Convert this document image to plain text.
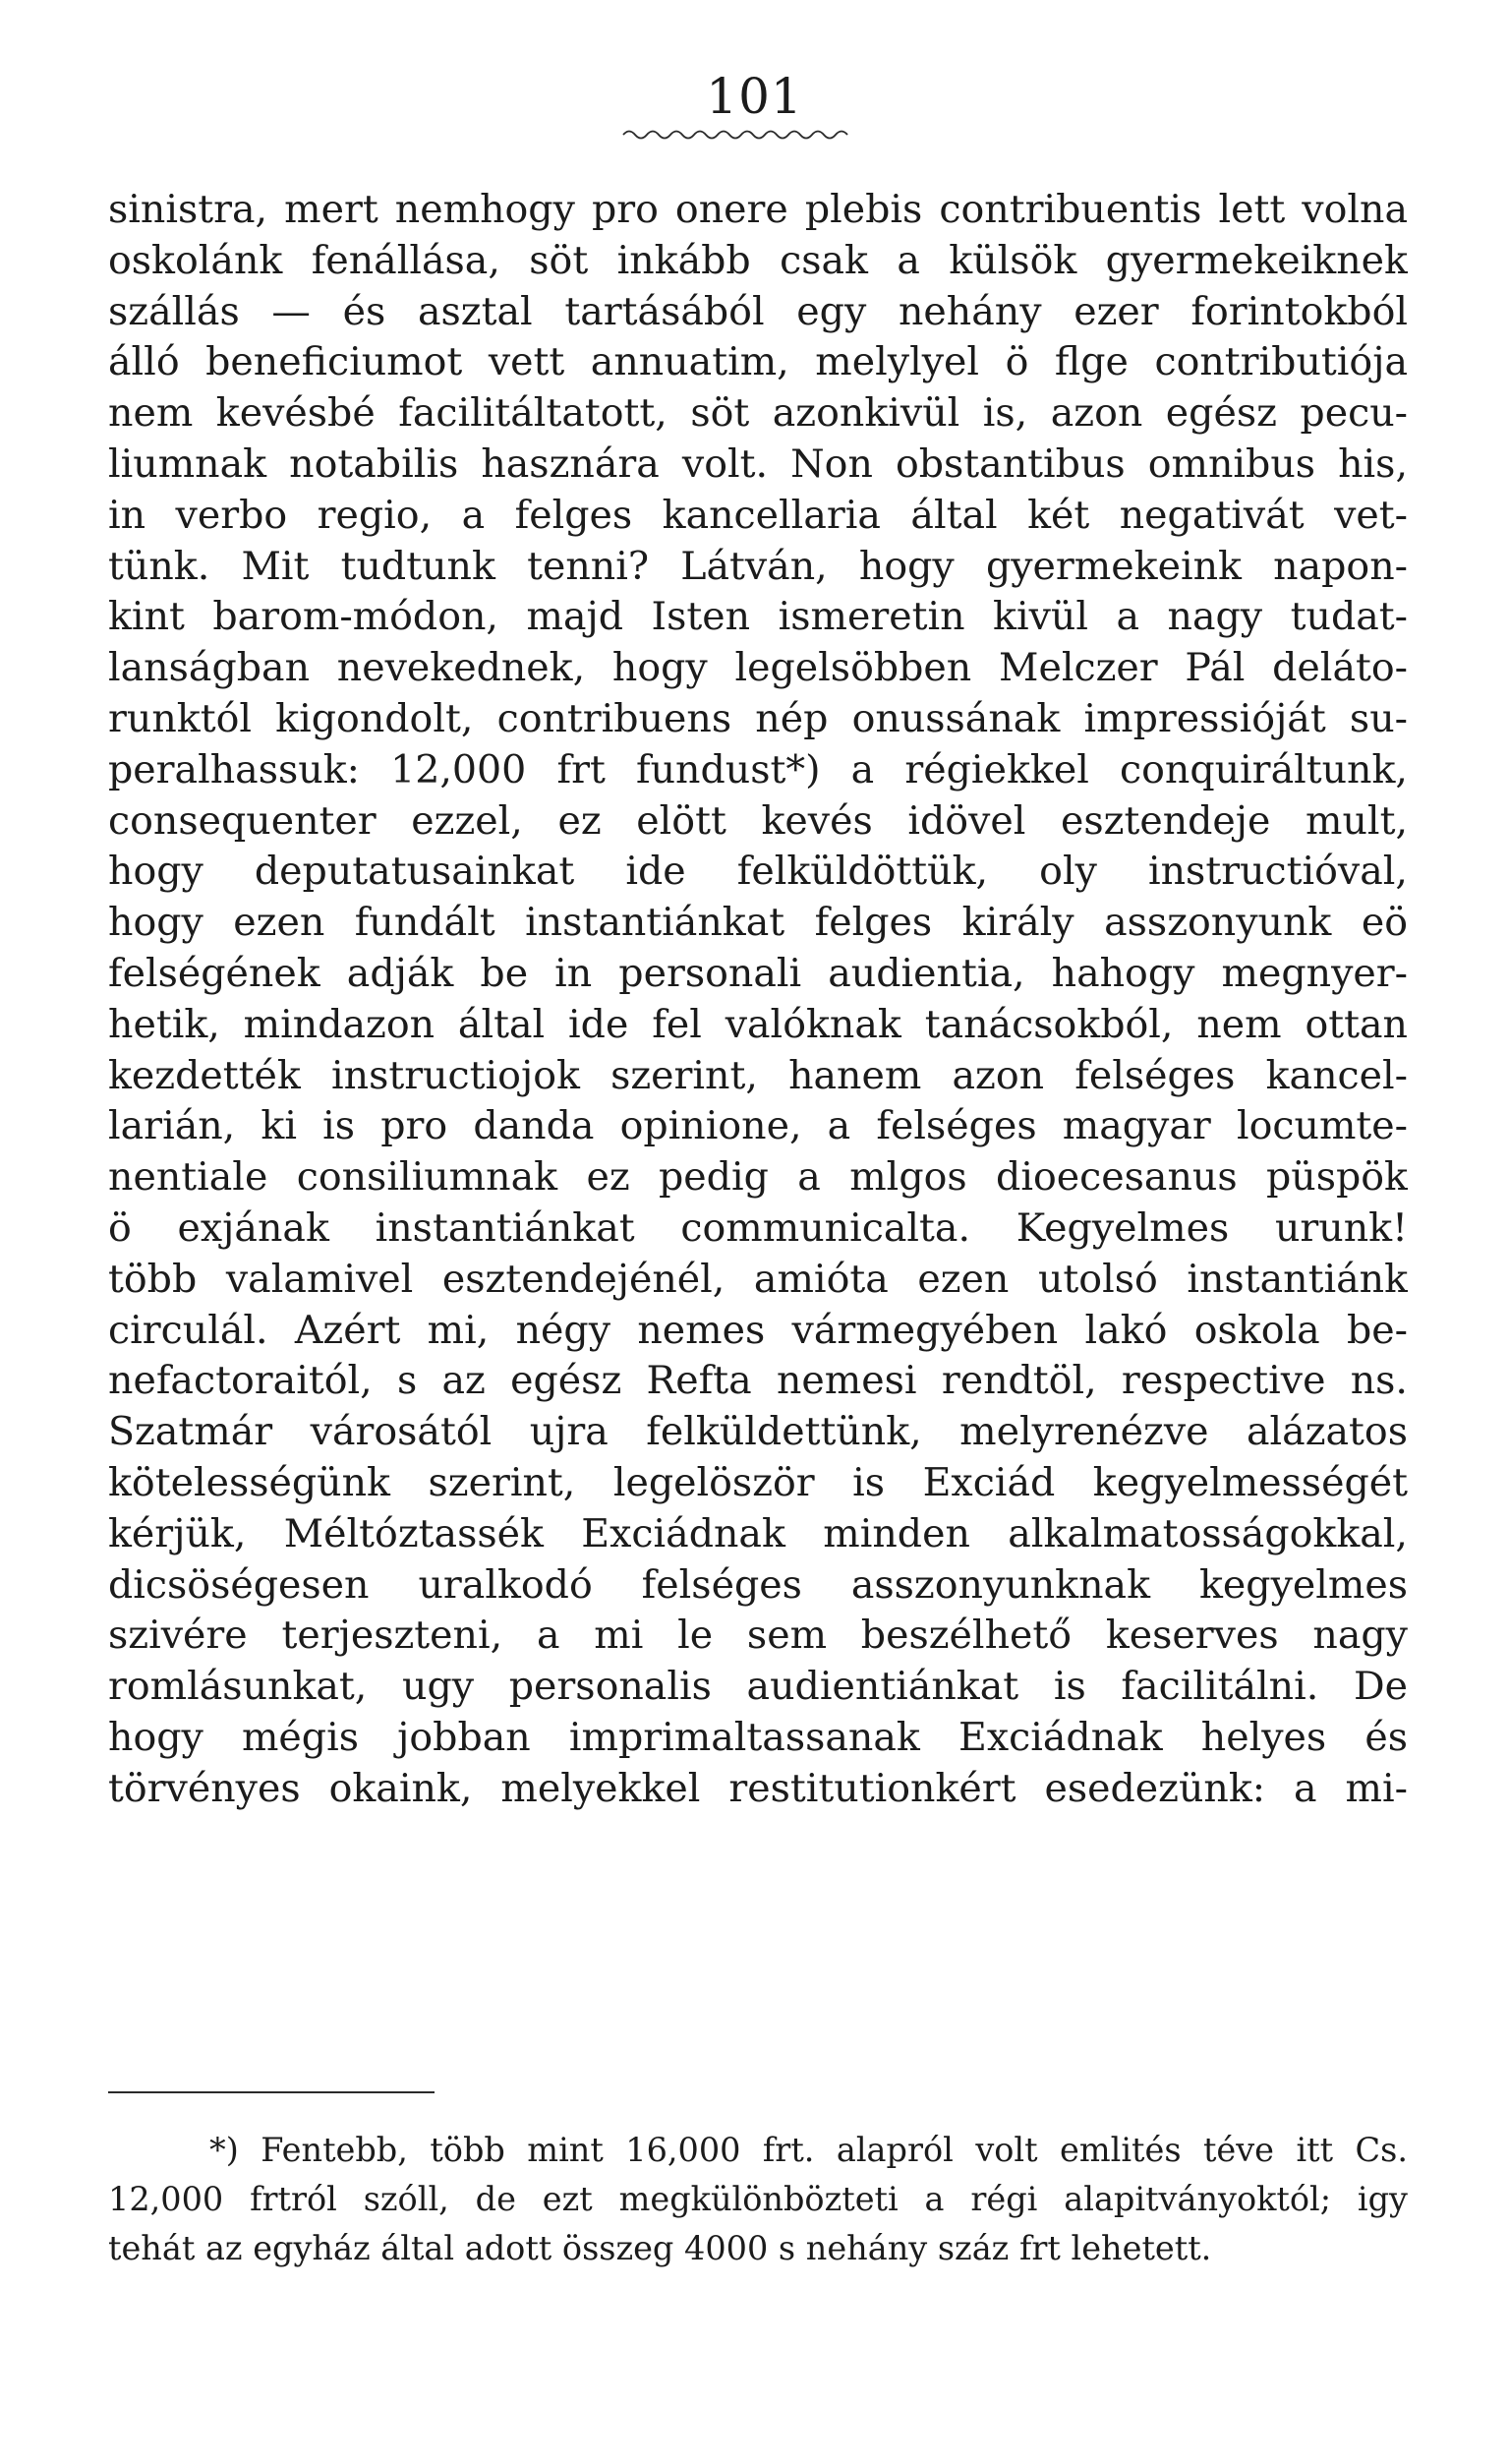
101
sinistra, mert nemhogy pro onere plebis contribuentis lett volna
oskolánk fenállása, söt inkább csak a külsök gyermekeiknek
szállás — és asztal tartásából egy nehány ezer forintokból
álló beneficiumot vett annuatim, melylyel ö flge contributiója
nem kevésbé facilitáltatott, söt azonkivül is, azon egész pecu-
liumnak notabilis hasznára volt. Non obstantibus omnibus his,
in verbo regio, a felges kancellaria által két negativát vet-
tünk. Mit tudtunk tenni? Látván, hogy gyermekeink napon-
kint barom-módon, majd Isten ismeretin kivül a nagy tudat-
lanságban nevekednek, hogy legelsöbben Melczer Pál deláto-
runktól kigondolt, contribuens nép onussának impressióját su-
peralhassuk: 12,000 frt fundust*) a régiekkel conquiráltunk,
consequenter ezzel, ez elött kevés idövel esztendeje mult,
hogy deputatusainkat ide felküldöttük, oly instructióval,
hogy ezen fundált instantiánkat felges király asszonyunk eö
felségének adják be in personali audientia, hahogy megnyer-
hetik, mindazon által ide fel valóknak tanácsokból, nem ottan
kezdették instructiojok szerint, hanem azon felséges kancel-
larián, ki is pro danda opinione, a felséges magyar locumte-
nentiale consiliumnak ez pedig a mlgos dioecesanus püspök
ö exjának instantiánkat communicalta. Kegyelmes urunk!
több valamivel esztendejénél, amióta ezen utolsó instantiánk
circulál. Azért mi, négy nemes vármegyében lakó oskola be-
nefactoraitól, s az egész Refta nemesi rendtöl, respective ns.
Szatmár városától ujra felküldettünk, melyrenézve alázatos
kötelességünk szerint, legelöször is Exciád kegyelmességét
kérjük, Méltóztassék Exciádnak minden alkalmatosságokkal,
dicsöségesen uralkodó felséges asszonyunknak kegyelmes
szivére terjeszteni, a mi le sem beszélhető keserves nagy
romlásunkat, ugy personalis audientiánkat is facilitálni. De
hogy mégis jobban imprimaltassanak Exciádnak helyes és
törvényes okaink, melyekkel restitutionkért esedezünk: a mi-
*) Fentebb, több mint 16,000 frt. alapról volt emlités téve itt Cs.
12,000 frtról szóll, de ezt megkülönbözteti a régi alapitványoktól; igy
tehát az egyház által adott összeg 4000 s nehány száz frt lehetett.
